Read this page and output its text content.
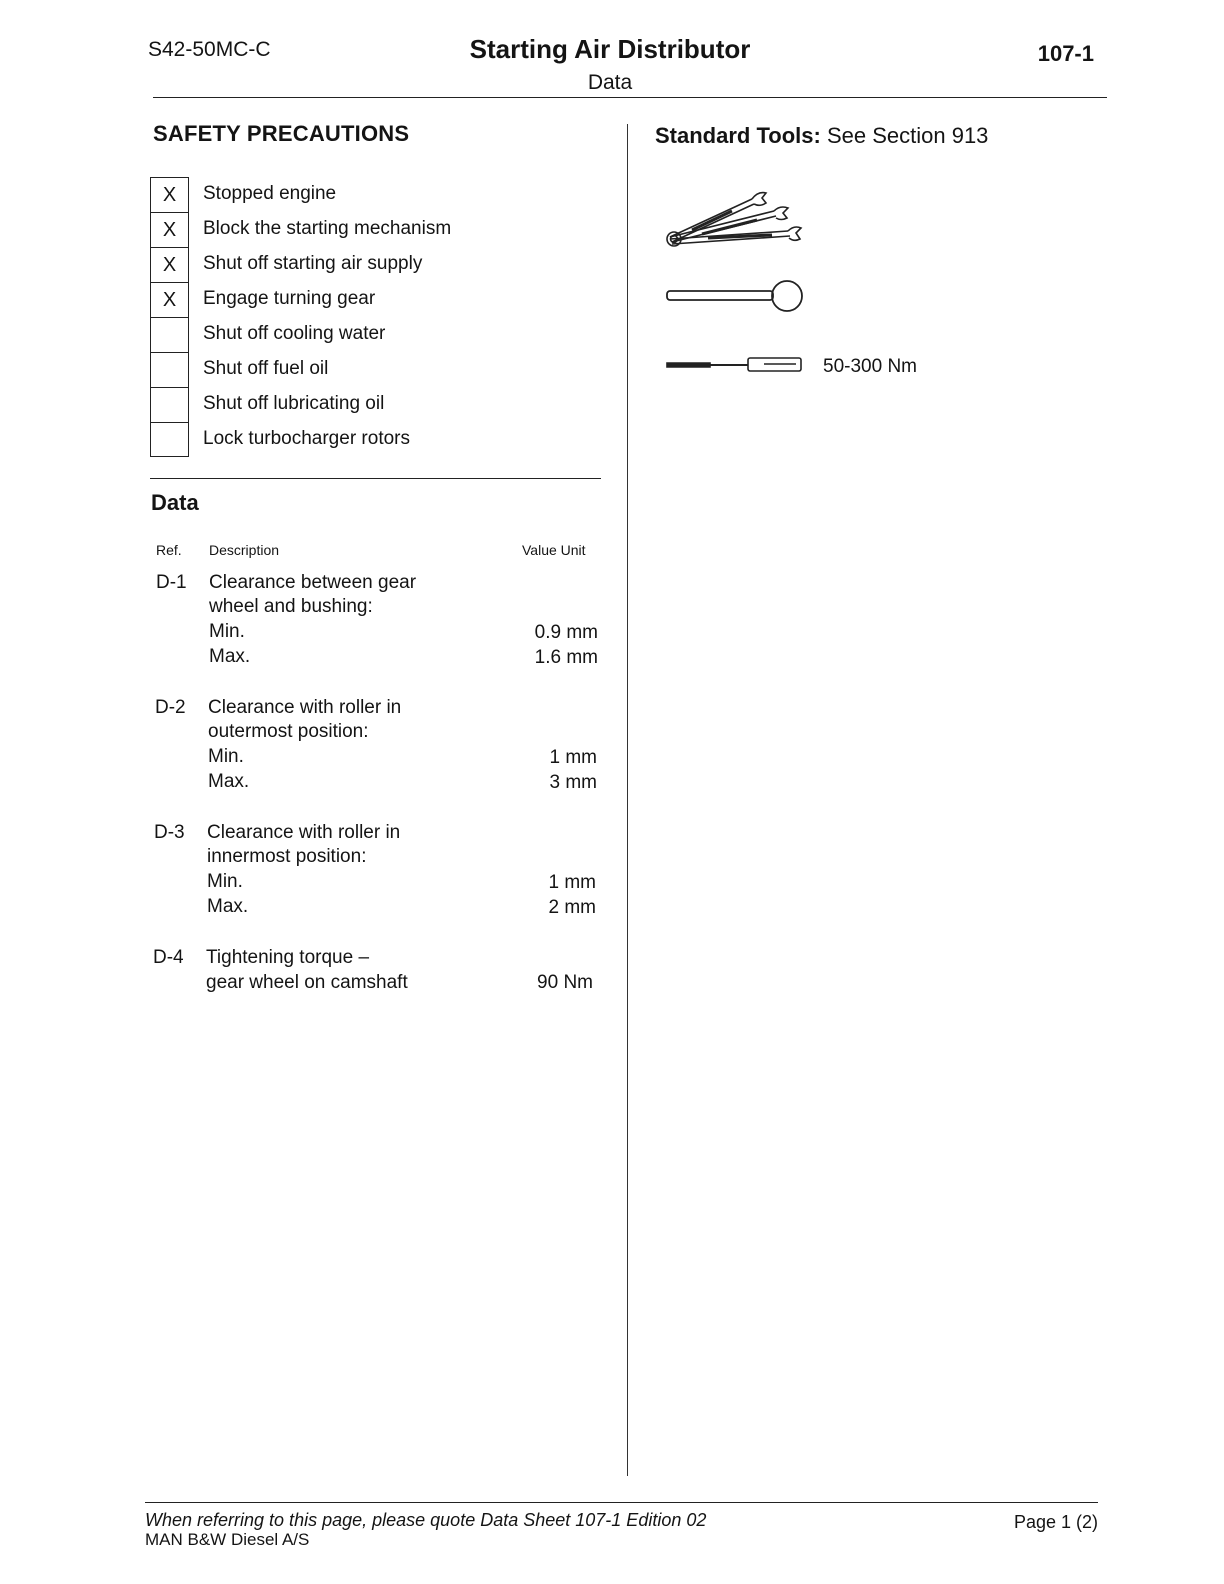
S42-50MC-C	Starting Air Distributor
Data
107-1
SAFETY PRECAUTIONS
X	Stopped engine
X	Block the starting mechanism
X	Shut off starting air supply
X	Engage turning gear
Shut off cooling water
Shut off fuel oil
Shut off lubricating oil
Lock turbocharger rotors
Data
Ref. Description	Value Unit
D-1 Clearance between gear
wheel and bushing:
Min.	0.9 mm
Max.	1.6 mm
D-2 Clearance with roller in
outermost position:
Min.	1 mm
Max.	3 mm
D-3 Clearance with roller in
innermost position:
Min.	1 mm
Max.	2 mm
D-4 Tightening torque –
gear wheel on camshaft	90 Nm
Standard Tools: See Section 913
50-300 Nm
When referring to this page, please quote Data Sheet 107-1 Edition 02
MAN B&W Diesel A/S
Page 1 (2)
